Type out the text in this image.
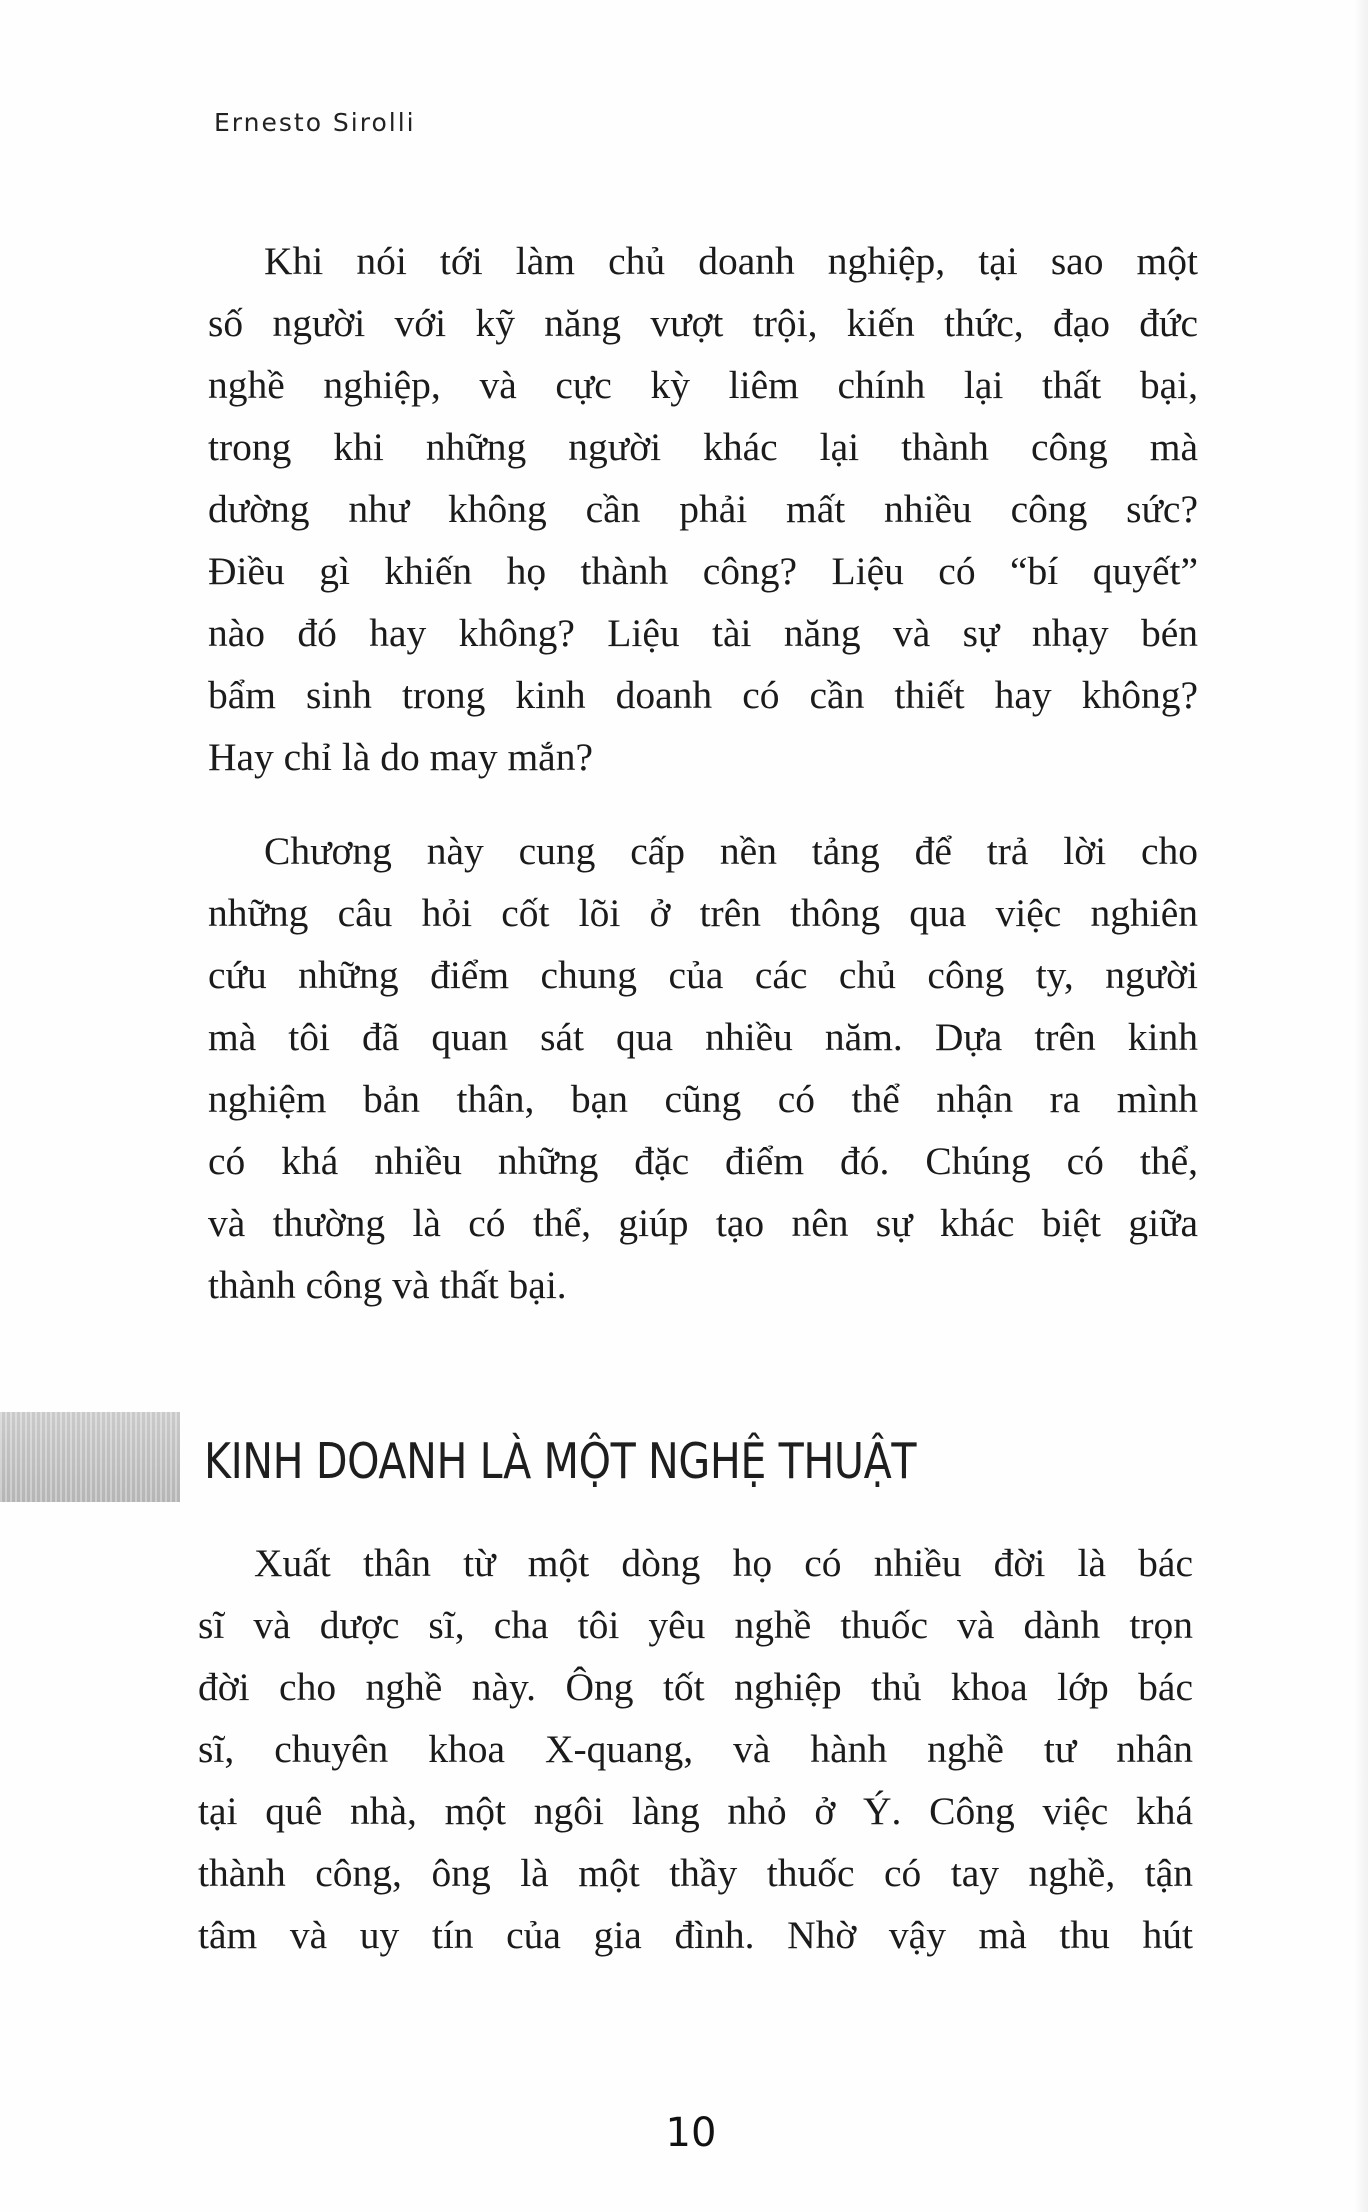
Ernesto Sirolli

Khi nói tới làm chủ doanh nghiệp, tại sao một
số người với kỹ năng vượt trội, kiến thức, đạo đức
nghề nghiệp, và cực kỳ liêm chính lại thất bại,
trong khi những người khác lại thành công mà
dường như không cần phải mất nhiều công sức?
Điều gì khiến họ thành công? Liệu có “bí quyết”
nào đó hay không? Liệu tài năng và sự nhạy bén
bẩm sinh trong kinh doanh có cần thiết hay không?
Hay chỉ là do may mắn?

Chương này cung cấp nền tảng để trả lời cho
những câu hỏi cốt lõi ở trên thông qua việc nghiên
cứu những điểm chung của các chủ công ty, người
mà tôi đã quan sát qua nhiều năm. Dựa trên kinh
nghiệm bản thân, bạn cũng có thể nhận ra mình
có khá nhiều những đặc điểm đó. Chúng có thể,
và thường là có thể, giúp tạo nên sự khác biệt giữa
thành công và thất bại.

KINH DOANH LÀ MỘT NGHỆ THUẬT

Xuất thân từ một dòng họ có nhiều đời là bác
sĩ và dược sĩ, cha tôi yêu nghề thuốc và dành trọn
đời cho nghề này. Ông tốt nghiệp thủ khoa lớp bác
sĩ, chuyên khoa X-quang, và hành nghề tư nhân
tại quê nhà, một ngôi làng nhỏ ở Ý. Công việc khá
thành công, ông là một thầy thuốc có tay nghề, tận
tâm và uy tín của gia đình. Nhờ vậy mà thu hút

10
